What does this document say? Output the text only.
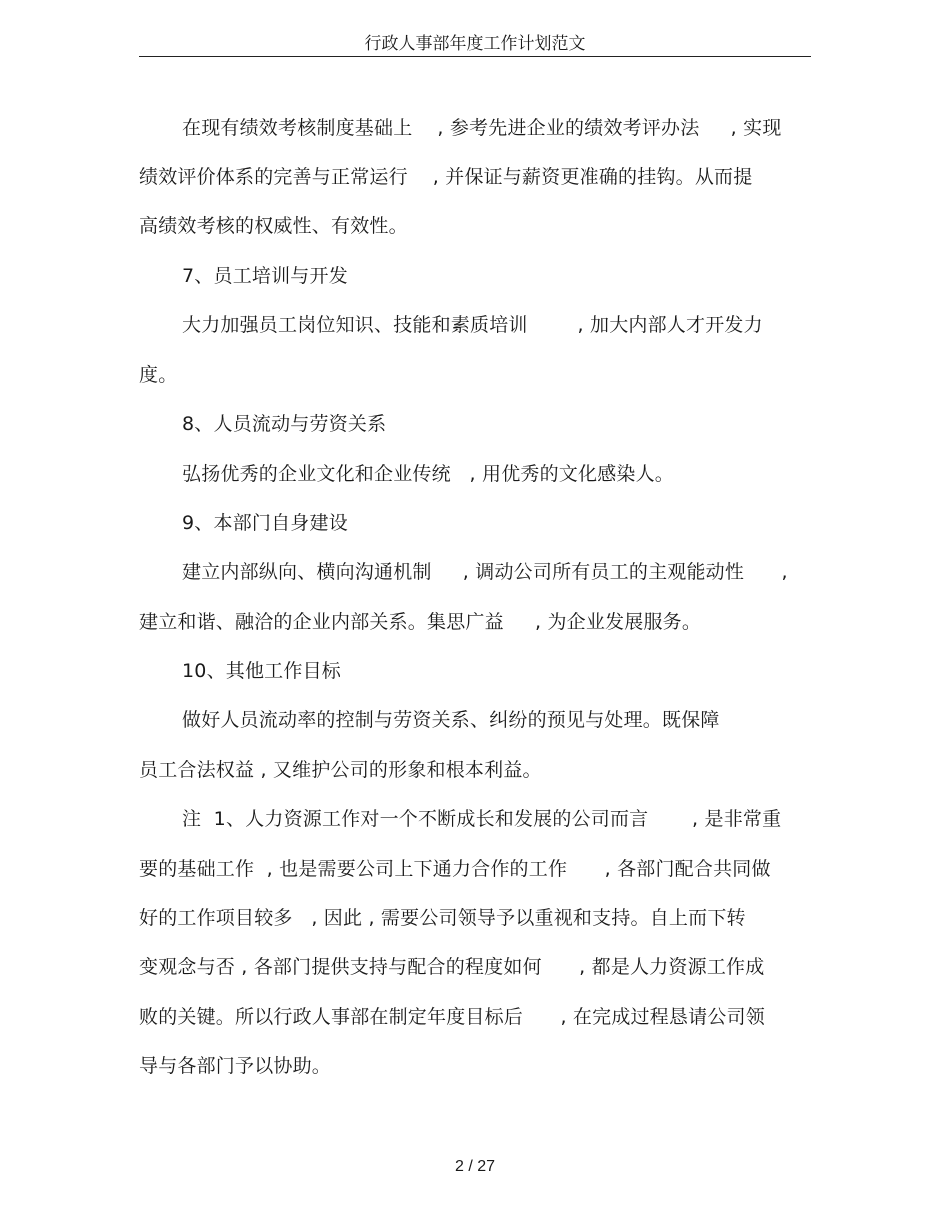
行政人事部年度工作计划范文
在现有绩效考核制度基础上    , 参考先进企业的绩效考评办法     , 实现
绩效评价体系的完善与正常运行    , 并保证与薪资更准确的挂钩。从而提
高绩效考核的权威性、有效性。
7、员工培训与开发
大力加强员工岗位知识、技能和素质培训        , 加大内部人才开发力
度。
8、人员流动与劳资关系
弘扬优秀的企业文化和企业传统   , 用优秀的文化感染人。
9、本部门自身建设
建立内部纵向、横向沟通机制     , 调动公司所有员工的主观能动性      ,
建立和谐、融洽的企业内部关系。集思广益     , 为企业发展服务。
10、其他工作目标
做好人员流动率的控制与劳资关系、纠纷的预见与处理。既保障
员工合法权益 , 又维护公司的形象和根本利益。
注  1、人力资源工作对一个不断成长和发展的公司而言       , 是非常重
要的基础工作  , 也是需要公司上下通力合作的工作      , 各部门配合共同做
好的工作项目较多   , 因此 , 需要公司领导予以重视和支持。自上而下转
变观念与否 , 各部门提供支持与配合的程度如何      , 都是人力资源工作成
败的关键。所以行政人事部在制定年度目标后      , 在完成过程恳请公司领
导与各部门予以协助。
2 / 27
